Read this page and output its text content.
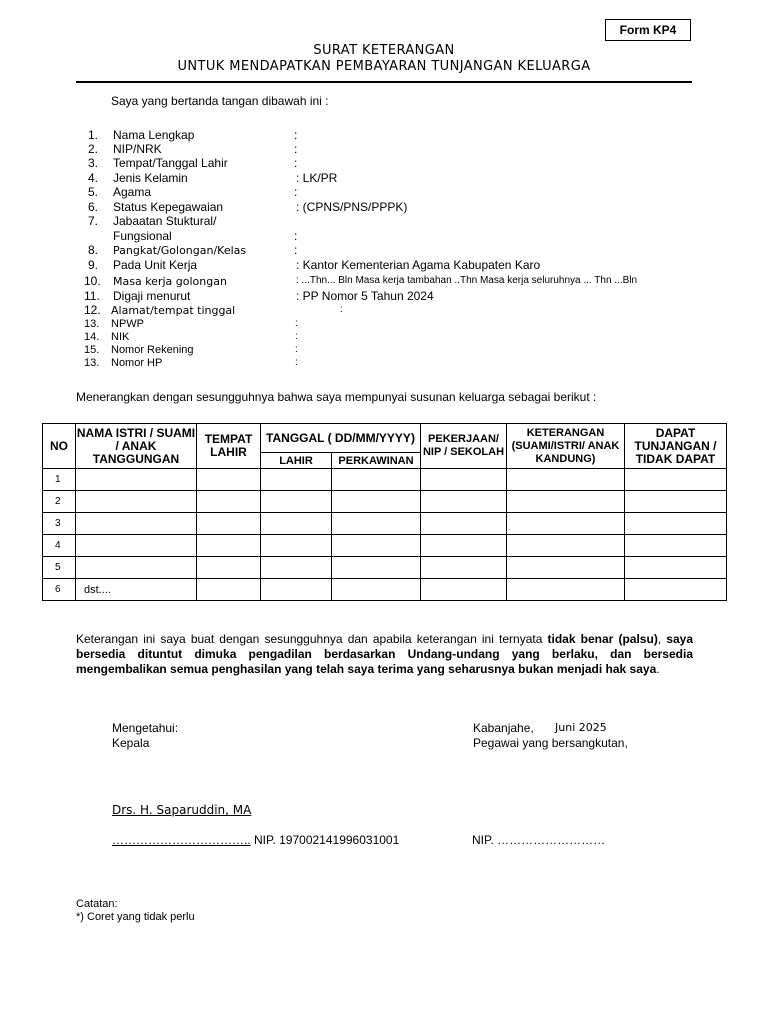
Form KP4
SURAT KETERANGAN
UNTUK MENDAPATKAN PEMBAYARAN TUNJANGAN KELUARGA
Saya yang bertanda tangan dibawah ini :
1. Nama Lengkap	:
2. NIP/NRK	:
3. Tempat/Tanggal Lahir	:
4. Jenis Kelamin	: LK/PR
5. Agama	:
6. Status Kepegawaian	: (CPNS/PNS/PPPK)
7. Jabaatan Stuktural/
Fungsional	:
8. Pangkat/Golongan/Kelas	:
9. Pada Unit Kerja	: Kantor Kementerian Agama Kabupaten Karo
10. Masa kerja golongan	: ...Thn... Bln Masa kerja tambahan ..Thn Masa kerja seluruhnya ... Thn ...Bln
11. Digaji menurut	: PP Nomor 5 Tahun 2024
12. Alamat/tempat tinggal	:
13. NPWP	:
14. NIK	:
15. Nomor Rekening	:
13. Nomor HP	:
Menerangkan dengan sesungguhnya bahwa saya mempunyai susunan keluarga sebagai berikut :
NO	NAMA ISTRI / SUAMI / ANAK TANGGUNGAN	TEMPAT LAHIR	TANGGAL ( DD/MM/YYYY)		PEKERJAAN/ NIP / SEKOLAH	KETERANGAN (SUAMI/ISTRI/ ANAK KANDUNG)	DAPAT TUNJANGAN / TIDAK DAPAT
			LAHIR	PERKAWINAN			
1							
2							
3							
4							
5							
6	dst....						
Keterangan ini saya buat dengan sesungguhnya dan apabila keterangan ini ternyata tidak benar (palsu), saya bersedia dituntut dimuka pengadilan berdasarkan Undang-undang yang berlaku, dan bersedia mengembalikan semua penghasilan yang telah saya terima yang seharusnya bukan menjadi hak saya.
Mengetahui:
Kepala
Drs. H. Saparuddin, MA
…………………………….. NIP. 197002141996031001
Kabanjahe, Juni 2025
Pegawai yang bersangkutan,
NIP. ………………………
Catatan:
*) Coret yang tidak perlu
